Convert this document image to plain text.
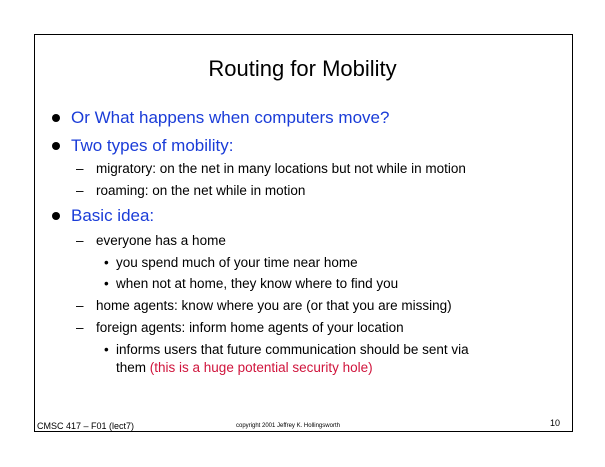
Routing for Mobility
Or What happens when computers move?
Two types of mobility:
– migratory: on the net in many locations but not while in motion
– roaming: on the net while in motion
Basic idea:
– everyone has a home
• you spend much of your time near home
• when not at home, they know where to find you
– home agents: know where you are (or that you are missing)
– foreign agents: inform home agents of your location
• informs users that future communication should be sent via
them (this is a huge potential security hole)
CMSC 417 – F01 (lect7)	copyright 2001 Jeffrey K. Hollingsworth	10
